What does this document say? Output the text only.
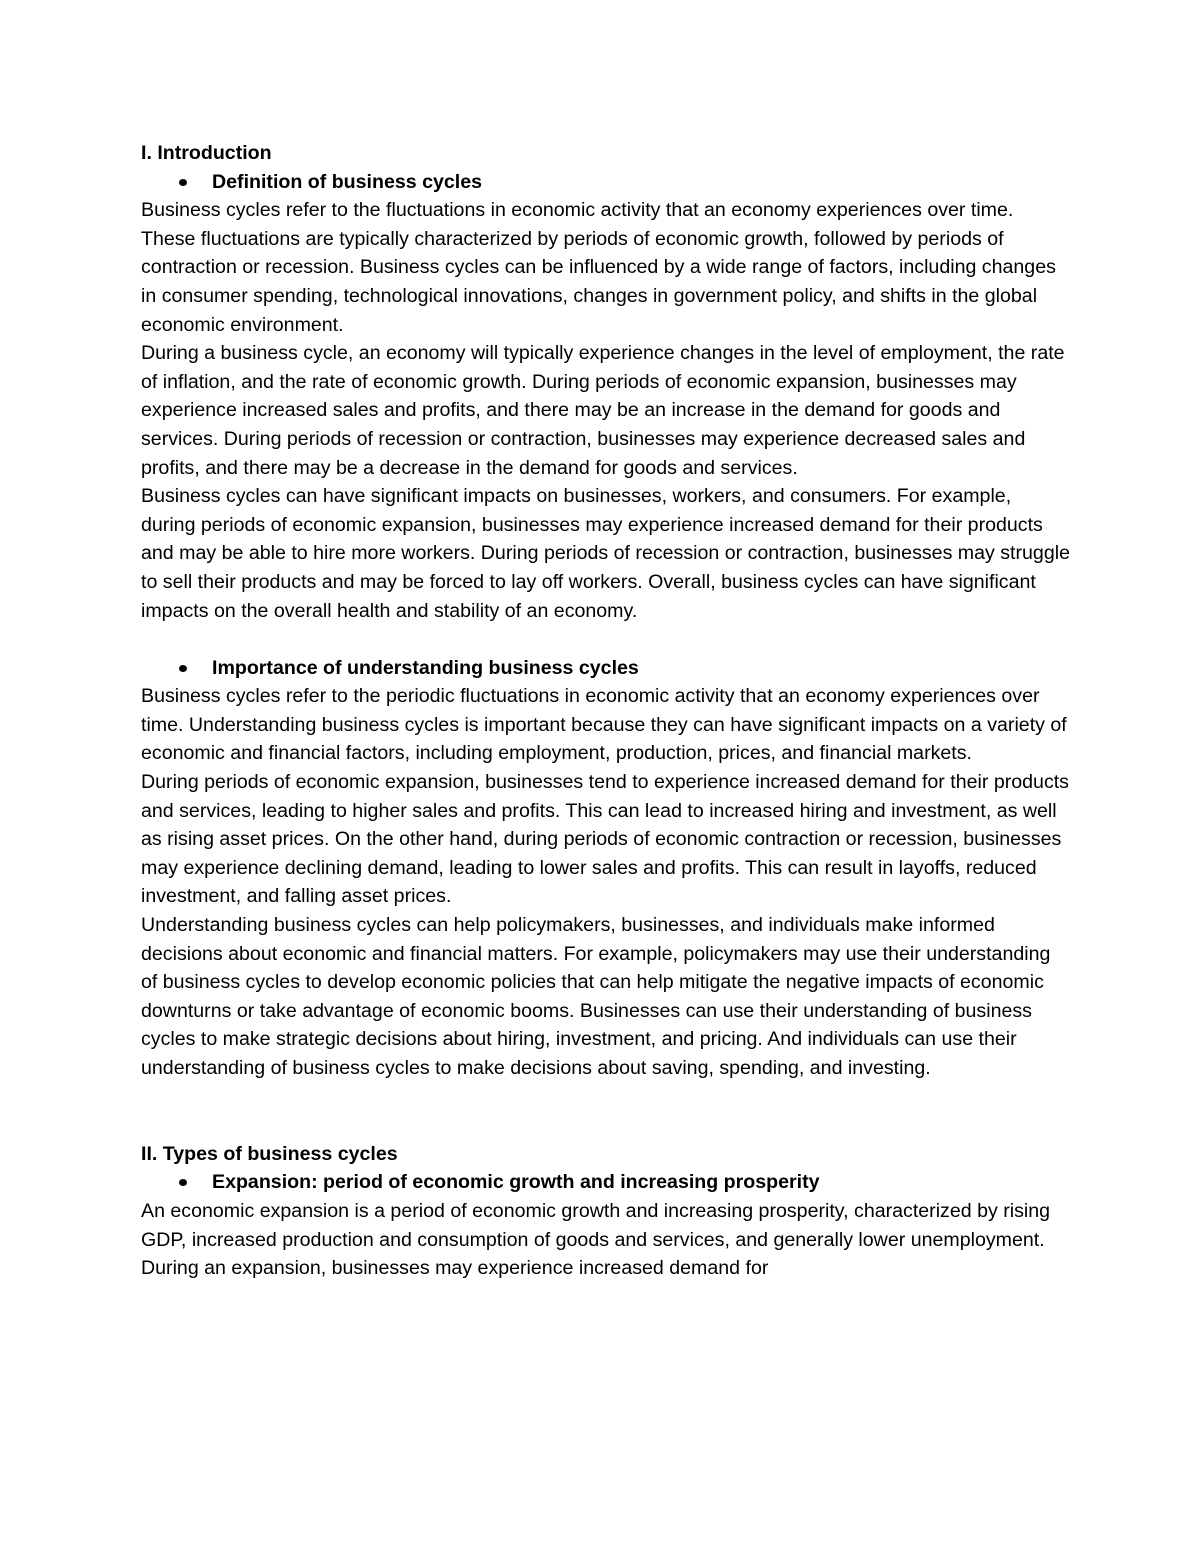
I. Introduction

Definition of business cycles

Business cycles refer to the fluctuations in economic activity that an economy experiences over time. These fluctuations are typically characterized by periods of economic growth, followed by periods of contraction or recession. Business cycles can be influenced by a wide range of factors, including changes in consumer spending, technological innovations, changes in government policy, and shifts in the global economic environment.

During a business cycle, an economy will typically experience changes in the level of employment, the rate of inflation, and the rate of economic growth. During periods of economic expansion, businesses may experience increased sales and profits, and there may be an increase in the demand for goods and services. During periods of recession or contraction, businesses may experience decreased sales and profits, and there may be a decrease in the demand for goods and services.

Business cycles can have significant impacts on businesses, workers, and consumers. For example, during periods of economic expansion, businesses may experience increased demand for their products and may be able to hire more workers. During periods of recession or contraction, businesses may struggle to sell their products and may be forced to lay off workers. Overall, business cycles can have significant impacts on the overall health and stability of an economy.

Importance of understanding business cycles

Business cycles refer to the periodic fluctuations in economic activity that an economy experiences over time. Understanding business cycles is important because they can have significant impacts on a variety of economic and financial factors, including employment, production, prices, and financial markets.

During periods of economic expansion, businesses tend to experience increased demand for their products and services, leading to higher sales and profits. This can lead to increased hiring and investment, as well as rising asset prices. On the other hand, during periods of economic contraction or recession, businesses may experience declining demand, leading to lower sales and profits. This can result in layoffs, reduced investment, and falling asset prices.

Understanding business cycles can help policymakers, businesses, and individuals make informed decisions about economic and financial matters. For example, policymakers may use their understanding of business cycles to develop economic policies that can help mitigate the negative impacts of economic downturns or take advantage of economic booms. Businesses can use their understanding of business cycles to make strategic decisions about hiring, investment, and pricing. And individuals can use their understanding of business cycles to make decisions about saving, spending, and investing.

II. Types of business cycles

Expansion: period of economic growth and increasing prosperity

An economic expansion is a period of economic growth and increasing prosperity, characterized by rising GDP, increased production and consumption of goods and services, and generally lower unemployment. During an expansion, businesses may experience increased demand for
